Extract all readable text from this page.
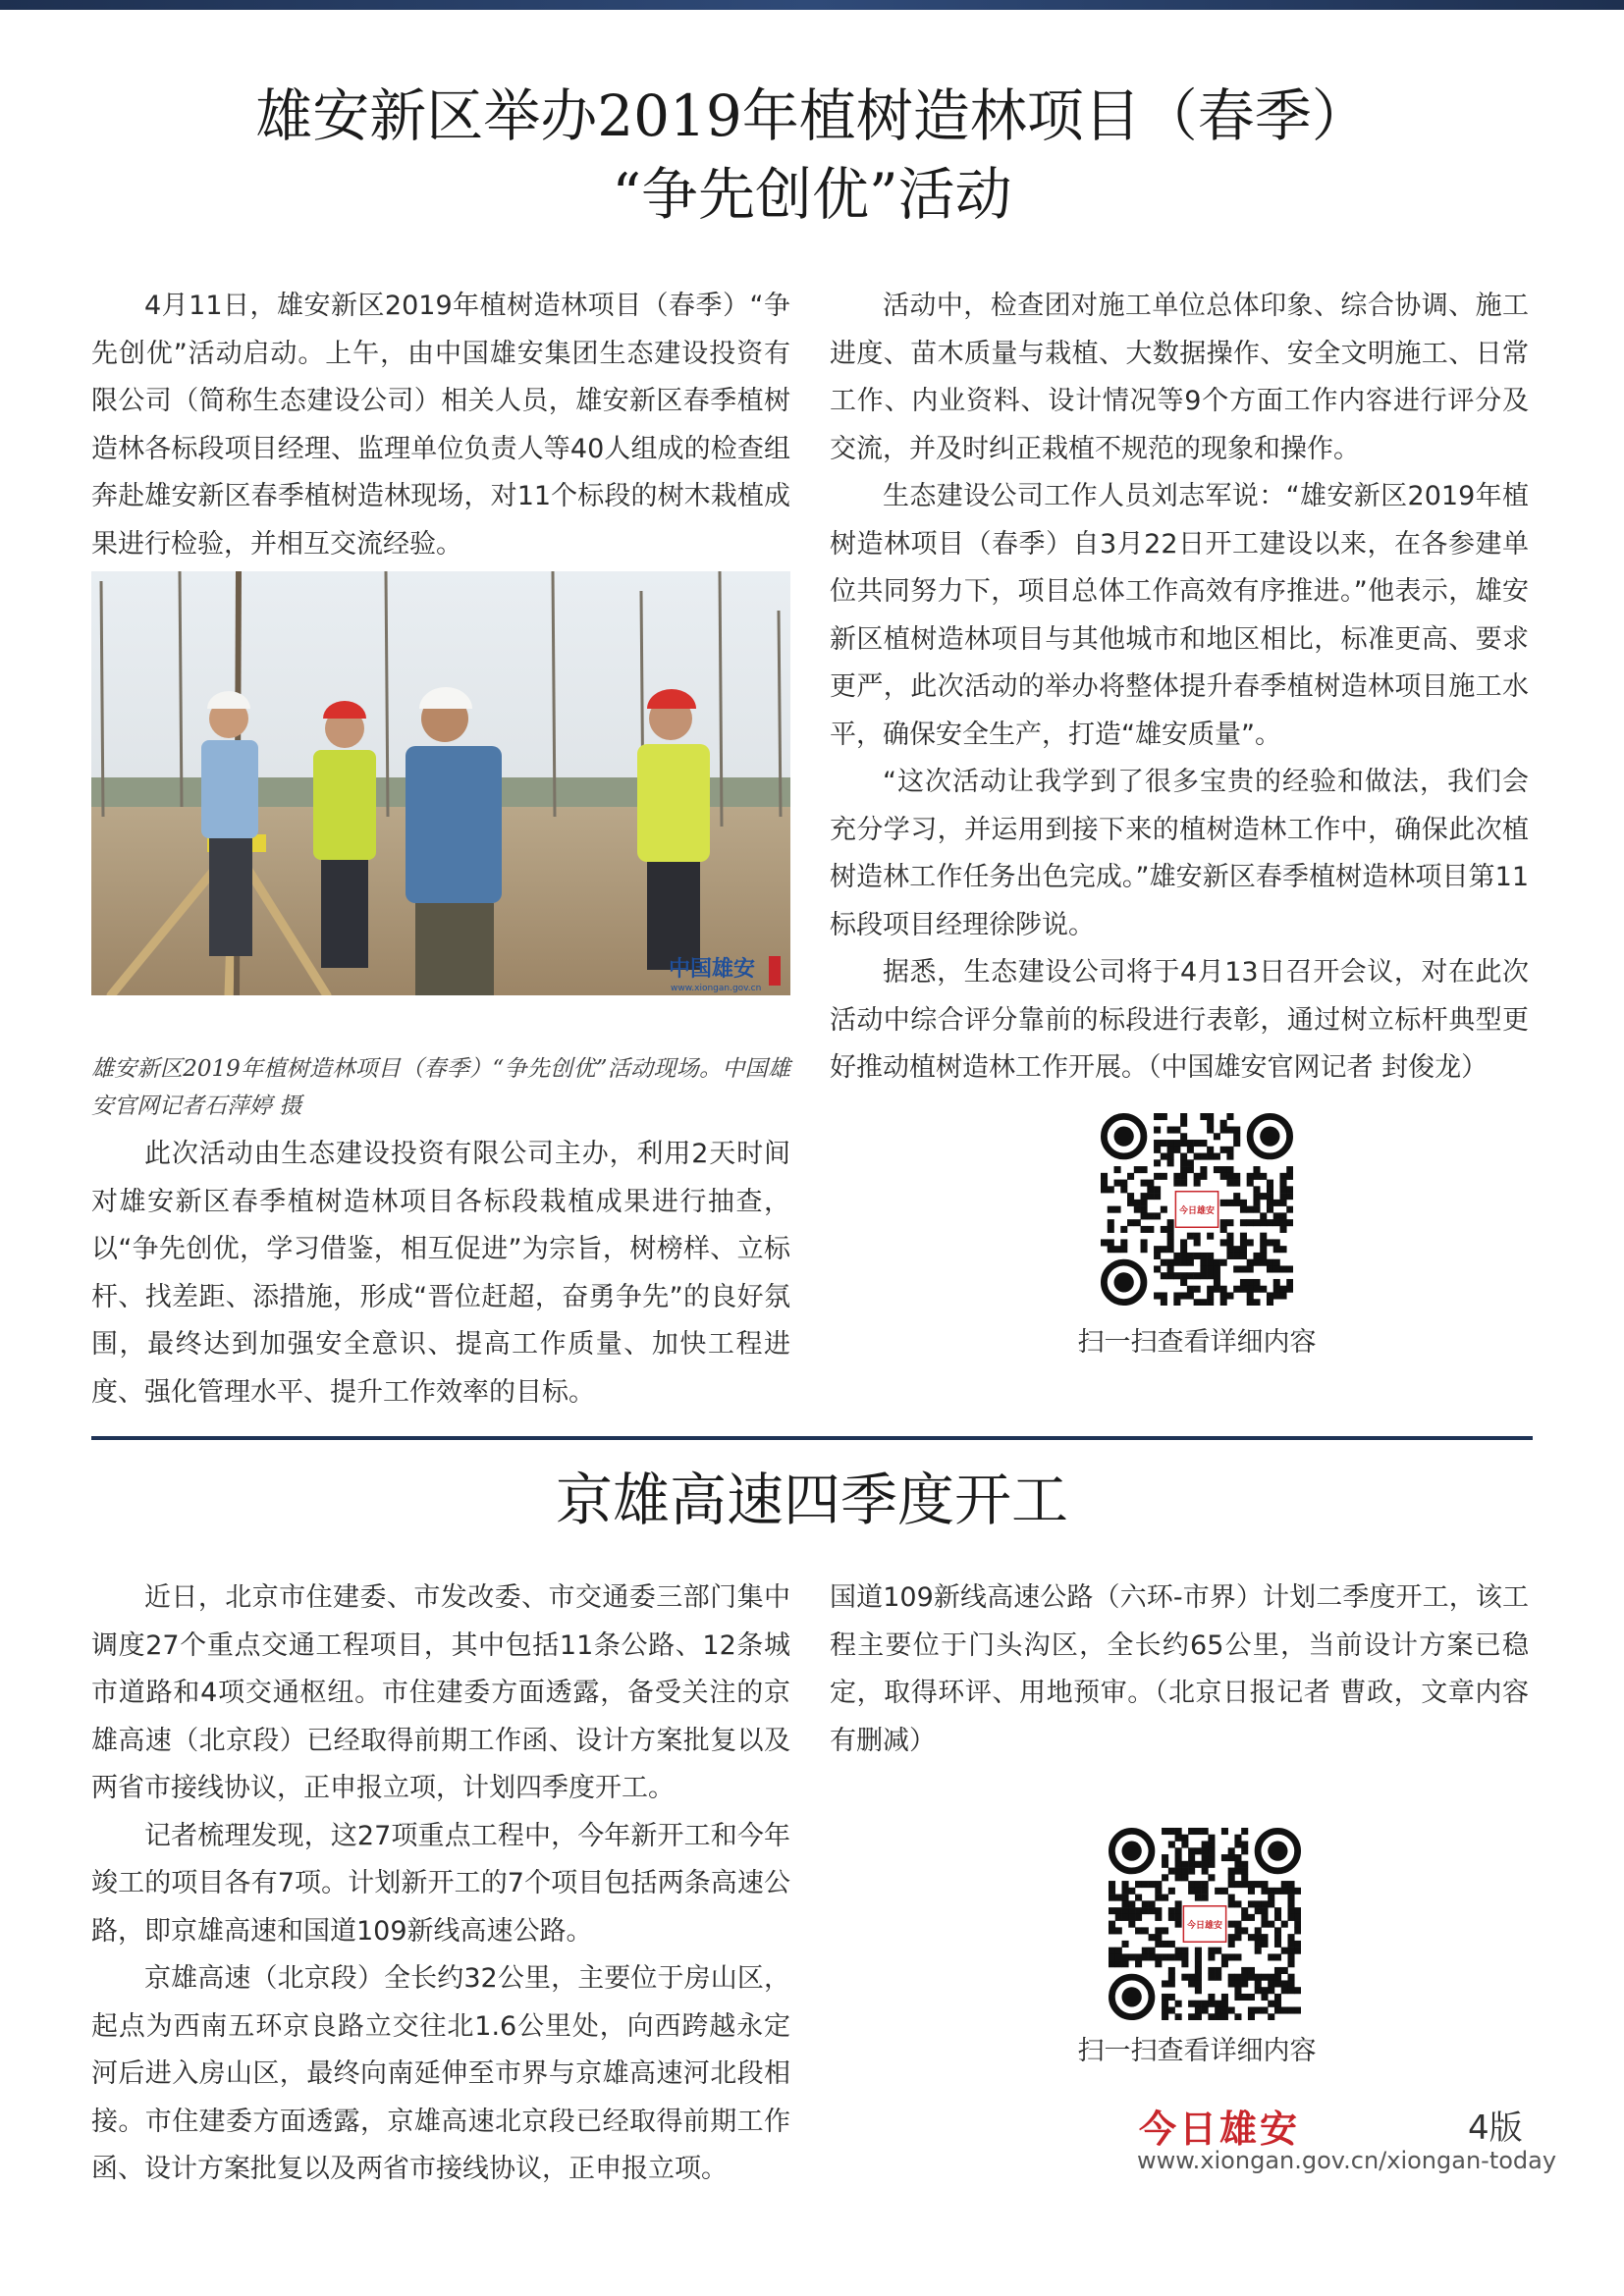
雄安新区举办2019年植树造林项目（春季）
“争先创优”活动

4月11日，雄安新区2019年植树造林项目（春季）“争先创优”活动启动。上午，由中国雄安集团生态建设投资有限公司（简称生态建设公司）相关人员，雄安新区春季植树造林各标段项目经理、监理单位负责人等40人组成的检查组奔赴雄安新区春季植树造林现场，对11个标段的树木栽植成果进行检验，并相互交流经验。

中国雄安
www.xiongan.gov.cn
雄安新区2019年植树造林项目（春季）“争先创优”活动现场。中国雄安官网记者石萍婷 摄

此次活动由生态建设投资有限公司主办，利用2天时间对雄安新区春季植树造林项目各标段栽植成果进行抽查，以“争先创优，学习借鉴，相互促进”为宗旨，树榜样、立标杆、找差距、添措施，形成“晋位赶超，奋勇争先”的良好氛围，最终达到加强安全意识、提高工作质量、加快工程进度、强化管理水平、提升工作效率的目标。

活动中，检查团对施工单位总体印象、综合协调、施工进度、苗木质量与栽植、大数据操作、安全文明施工、日常工作、内业资料、设计情况等9个方面工作内容进行评分及交流，并及时纠正栽植不规范的现象和操作。

生态建设公司工作人员刘志军说：“雄安新区2019年植树造林项目（春季）自3月22日开工建设以来，在各参建单位共同努力下，项目总体工作高效有序推进。”他表示，雄安新区植树造林项目与其他城市和地区相比，标准更高、要求更严，此次活动的举办将整体提升春季植树造林项目施工水平，确保安全生产，打造“雄安质量”。

“这次活动让我学到了很多宝贵的经验和做法，我们会充分学习，并运用到接下来的植树造林工作中，确保此次植树造林工作任务出色完成。”雄安新区春季植树造林项目第11标段项目经理徐陟说。

据悉，生态建设公司将于4月13日召开会议，对在此次活动中综合评分靠前的标段进行表彰，通过树立标杆典型更好推动植树造林工作开展。（中国雄安官网记者 封俊龙）

今日雄安
扫一扫查看详细内容
京雄高速四季度开工

近日，北京市住建委、市发改委、市交通委三部门集中调度27个重点交通工程项目，其中包括11条公路、12条城市道路和4项交通枢纽。市住建委方面透露，备受关注的京雄高速（北京段）已经取得前期工作函、设计方案批复以及两省市接线协议，正申报立项，计划四季度开工。

记者梳理发现，这27项重点工程中，今年新开工和今年竣工的项目各有7项。计划新开工的7个项目包括两条高速公路，即京雄高速和国道109新线高速公路。

京雄高速（北京段）全长约32公里，主要位于房山区，起点为西南五环京良路立交往北1.6公里处，向西跨越永定河后进入房山区，最终向南延伸至市界与京雄高速河北段相接。市住建委方面透露，京雄高速北京段已经取得前期工作函、设计方案批复以及两省市接线协议，正申报立项。

国道109新线高速公路（六环-市界）计划二季度开工，该工程主要位于门头沟区，全长约65公里，当前设计方案已稳定，取得环评、用地预审。（北京日报记者 曹政，文章内容有删减）

今日雄安
扫一扫查看详细内容
今日雄安	4版
www.xiongan.gov.cn/xiongan-today
